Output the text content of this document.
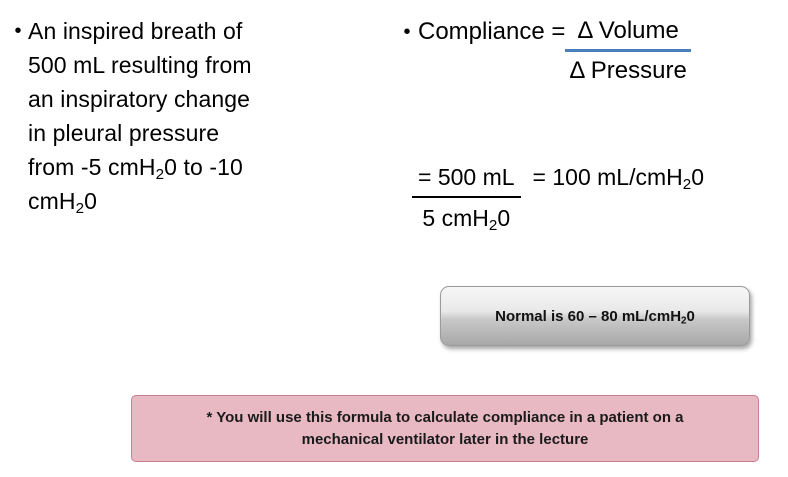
• An inspired breath of
500 mL resulting from
an inspiratory change
in pleural pressure
from -5 cmH$_2$0 to -10
cmH$_2$0
• Compliance = $\frac{\text{Δ Volume}}{\text{Δ Pressure}}$
$\frac{= 500 mL}{5 cmH_20} = 100$ mL/cmH$_2$0
Normal is 60 – 80 mL/cmH$_2$0
* You will use this formula to calculate compliance in a patient on a
mechanical ventilator later in the lecture
